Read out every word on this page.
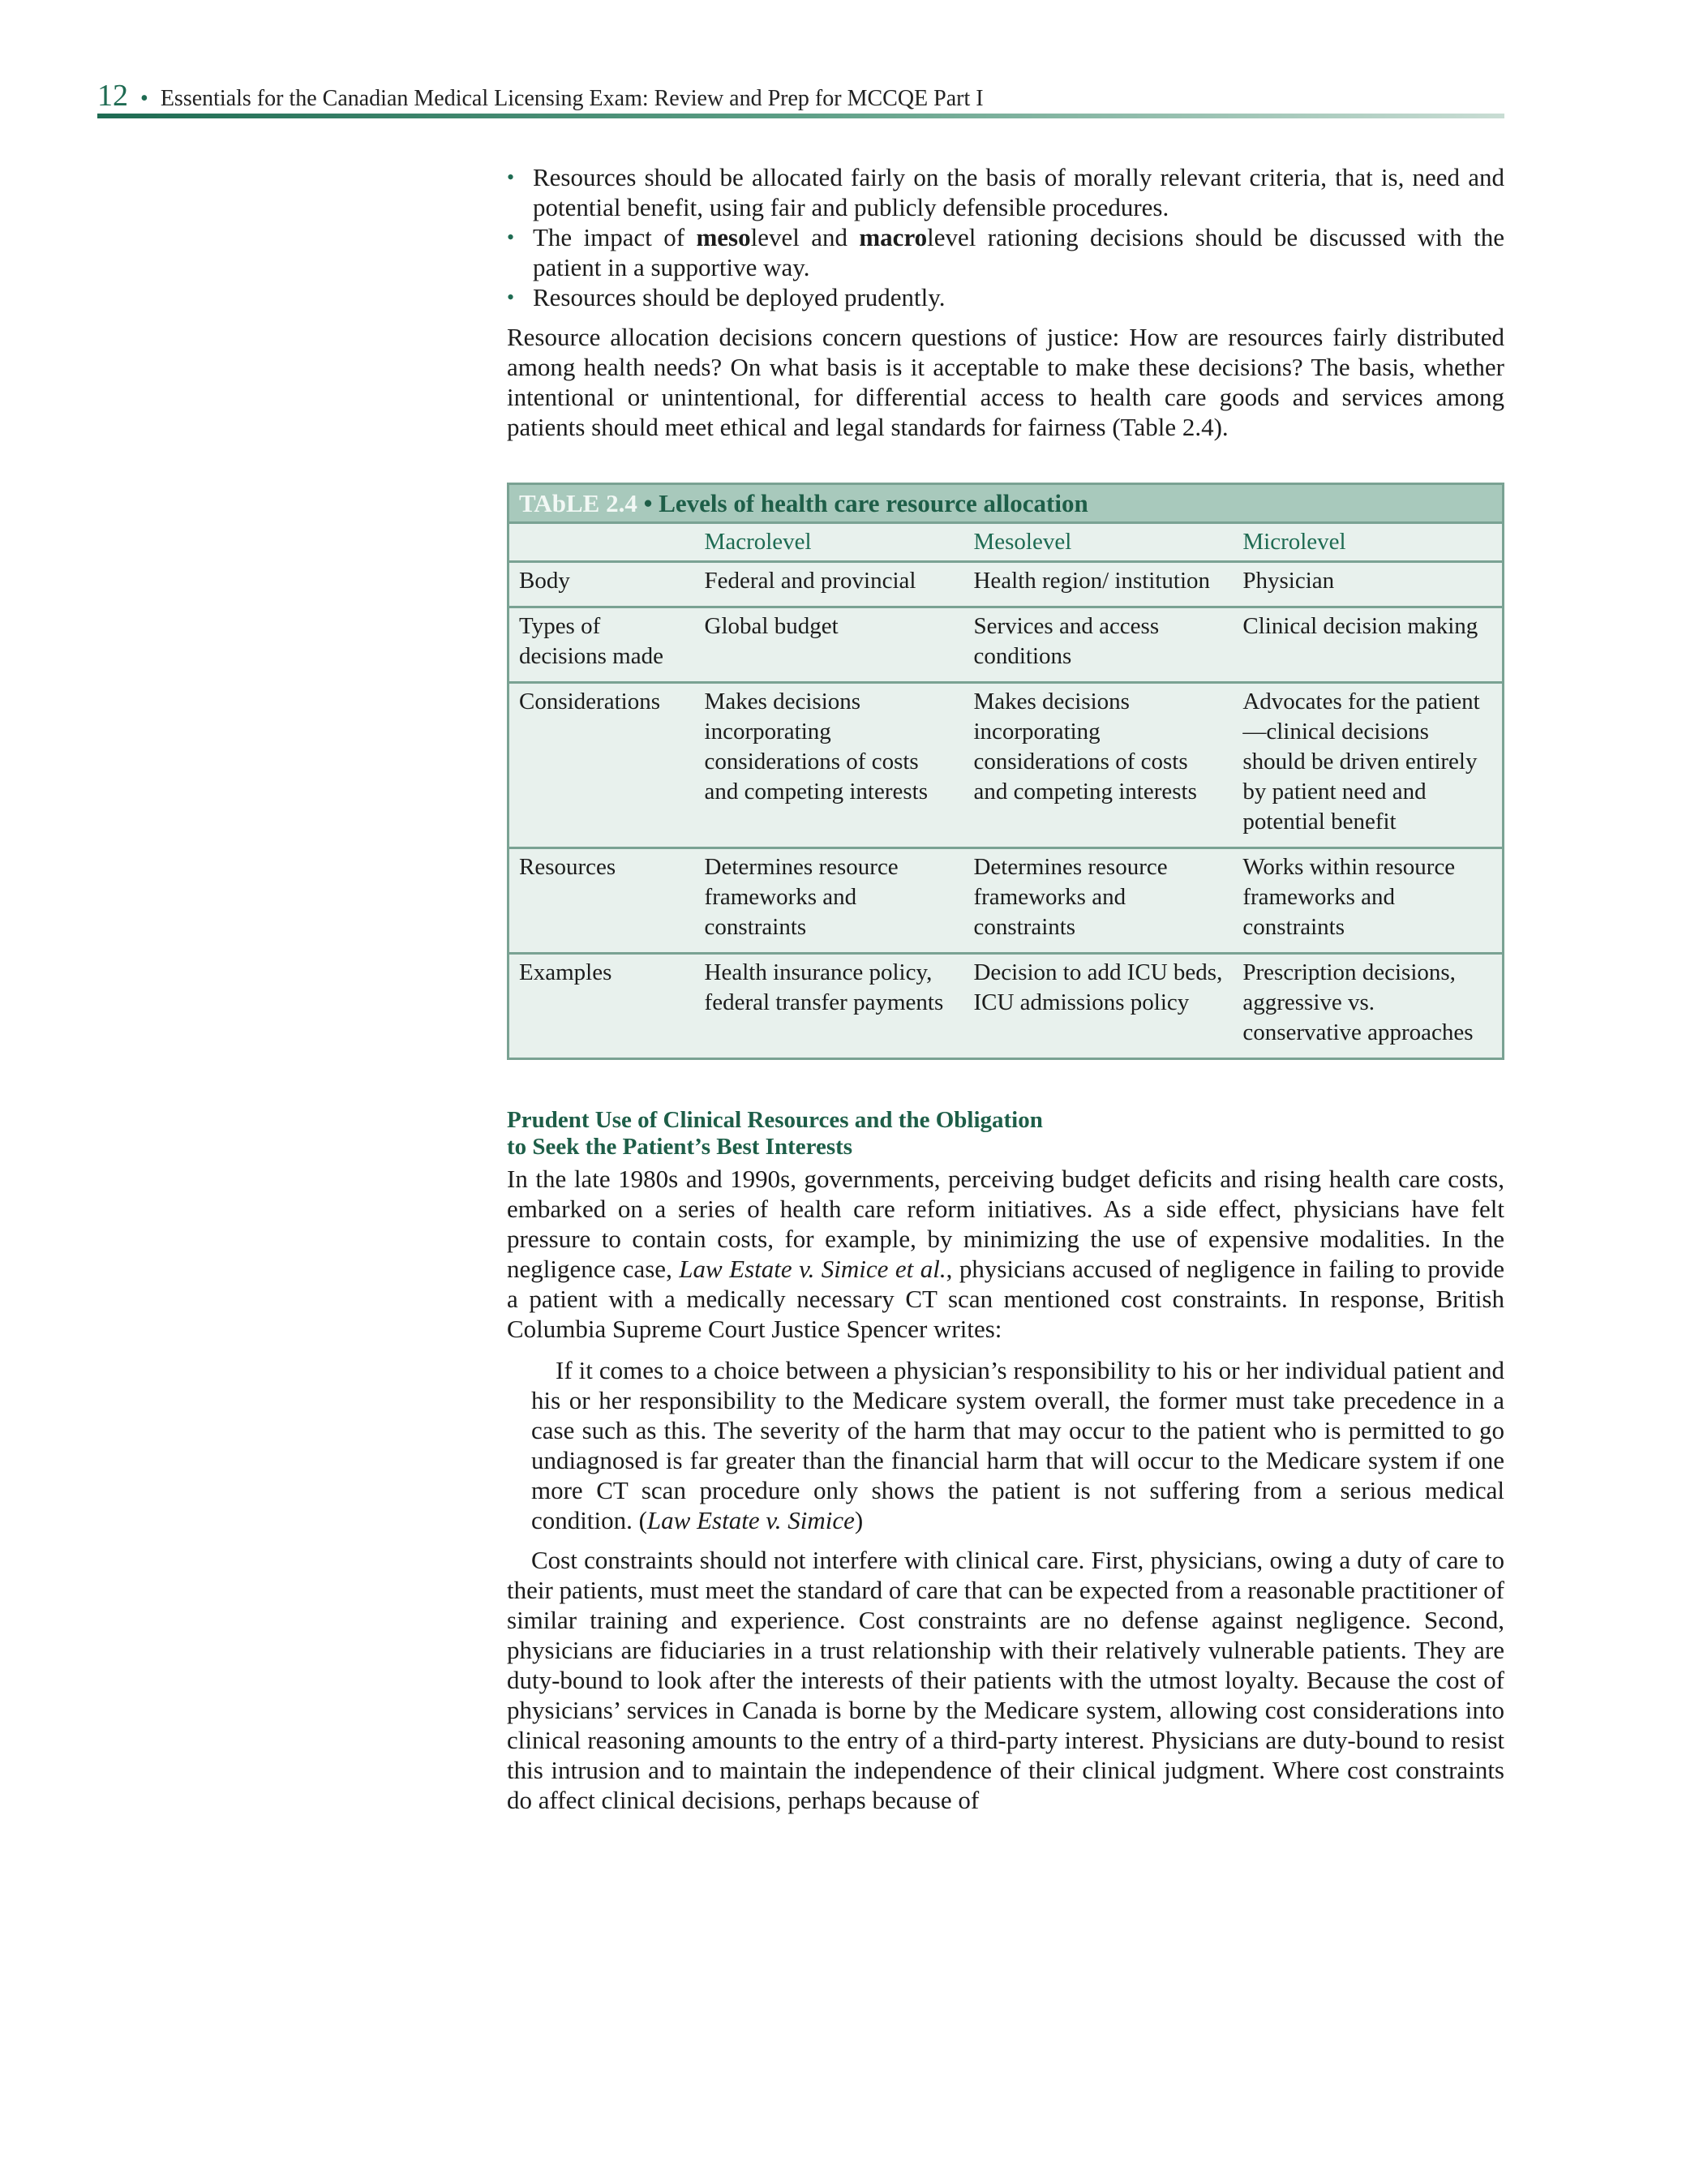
12 • Essentials for the Canadian Medical Licensing Exam: Review and Prep for MCCQE Part I
• Resources should be allocated fairly on the basis of morally relevant criteria, that is, need and potential benefit, using fair and publicly defensible procedures.
• The impact of mesolevel and macrolevel rationing decisions should be discussed with the patient in a supportive way.
• Resources should be deployed prudently.

Resource allocation decisions concern questions of justice: How are resources fairly distributed among health needs? On what basis is it acceptable to make these decisions? The basis, whether intentional or unintentional, for differential access to health care goods and services among patients should meet ethical and legal standards for fairness (Table 2.4).

TAbLE 2.4 • Levels of health care resource allocation
	Macrolevel	Mesolevel	Microlevel
Body	Federal and provincial	Health region/ institution	Physician
Types of decisions made	Global budget	Services and access conditions	Clinical decision making
Considerations	Makes decisions incorporating considerations of costs and competing interests	Makes decisions incorporating considerations of costs and competing interests	Advocates for the patient—clinical decisions should be driven entirely by patient need and potential benefit
Resources	Determines resource frameworks and constraints	Determines resource frameworks and constraints	Works within resource frameworks and constraints
Examples	Health insurance policy, federal transfer payments	Decision to add ICU beds, ICU admissions policy	Prescription decisions, aggressive vs. conservative approaches
Prudent Use of Clinical Resources and the Obligation
to Seek the Patient’s Best Interests

In the late 1980s and 1990s, governments, perceiving budget deficits and rising health care costs, embarked on a series of health care reform initiatives. As a side effect, physicians have felt pressure to contain costs, for example, by minimizing the use of expensive modalities. In the negligence case, Law Estate v. Simice et al., physicians accused of negligence in failing to provide a patient with a medically necessary CT scan mentioned cost constraints. In response, British Columbia Supreme Court Justice Spencer writes:

If it comes to a choice between a physician’s responsibility to his or her individual patient and his or her responsibility to the Medicare system overall, the former must take precedence in a case such as this. The severity of the harm that may occur to the patient who is permitted to go undiagnosed is far greater than the financial harm that will occur to the Medicare system if one more CT scan procedure only shows the patient is not suffering from a serious medical condition. (Law Estate v. Simice)

Cost constraints should not interfere with clinical care. First, physicians, owing a duty of care to their patients, must meet the standard of care that can be expected from a reasonable practitioner of similar training and experience. Cost constraints are no defense against negligence. Second, physicians are fiduciaries in a trust relationship with their relatively vulnerable patients. They are duty-bound to look after the interests of their patients with the utmost loyalty. Because the cost of physicians’ services in Canada is borne by the Medicare system, allowing cost considerations into clinical reasoning amounts to the entry of a third-party interest. Physicians are duty-bound to resist this intrusion and to maintain the independence of their clinical judgment. Where cost constraints do affect clinical decisions, perhaps because of
